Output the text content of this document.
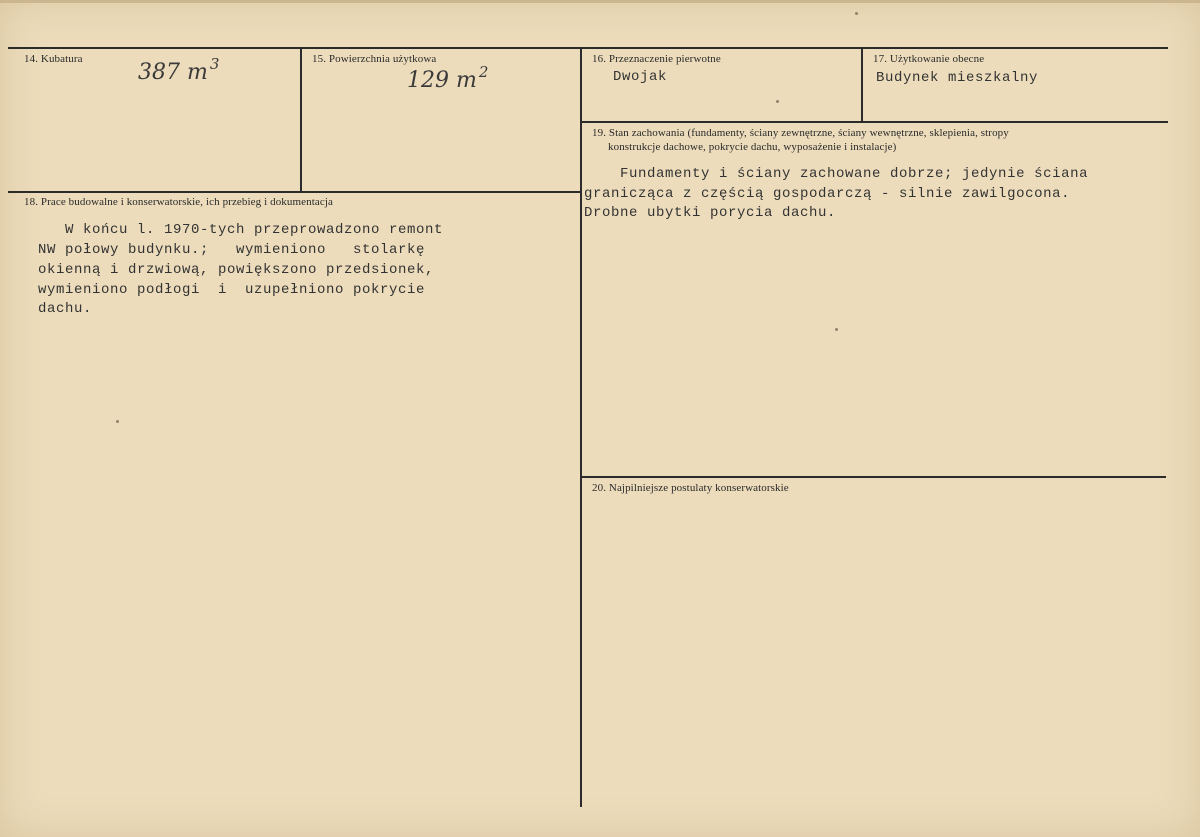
14. Kubatura
387 m $^3$	15. Powierzchnia użytkowa
129 m $^2$
16. Przeznaczenie pierwotne
Dwojak
17. Użytkowanie obecne
Budynek mieszkalny
18. Prace budowalne i konserwatorskie, ich przebieg i dokumentacja
W końcu l. 1970-tych przeprowadzono remont
NW połowy budynku.;   wymieniono   stolarkę
okienną i drzwiową, powiększono przedsionek,
wymieniono podłogi  i  uzupełniono pokrycie
dachu.
19. Stan zachowania (fundamenty, ściany zewnętrzne, ściany wewnętrzne, sklepienia, stropy
konstrukcje dachowe, pokrycie dachu, wyposażenie i instalacje)
Fundamenty i ściany zachowane dobrze; jedynie ściana
granicząca z częścią gospodarczą - silnie zawilgocona.
Drobne ubytki porycia dachu.
20. Najpilniejsze postulaty konserwatorskie
